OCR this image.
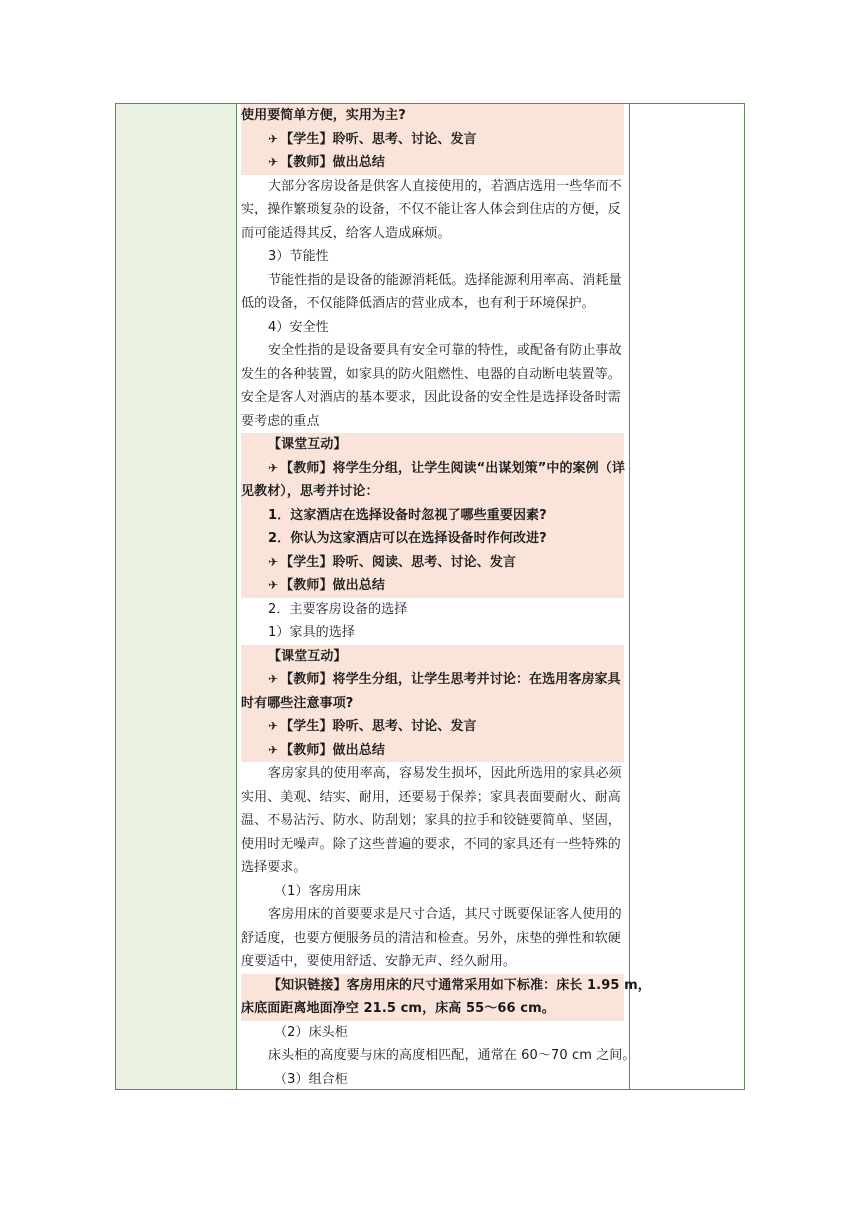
使用要简单方便，实用为主?
✈ 【学生】聆听、思考、讨论、发言
✈ 【教师】做出总结
大部分客房设备是供客人直接使用的，若酒店选用一些华而不
实，操作繁琐复杂的设备，不仅不能让客人体会到住店的方便，反
而可能适得其反，给客人造成麻烦。
3）节能性
节能性指的是设备的能源消耗低。选择能源利用率高、消耗量
低的设备，不仅能降低酒店的营业成本，也有利于环境保护。
4）安全性
安全性指的是设备要具有安全可靠的特性，或配备有防止事故
发生的各种装置，如家具的防火阻燃性、电器的自动断电装置等。
安全是客人对酒店的基本要求，因此设备的安全性是选择设备时需
要考虑的重点
【课堂互动】
✈ 【教师】将学生分组，让学生阅读“出谋划策”中的案例（详
见教材），思考并讨论：
1．这家酒店在选择设备时忽视了哪些重要因素?
2．你认为这家酒店可以在选择设备时作何改进?
✈ 【学生】聆听、阅读、思考、讨论、发言
✈ 【教师】做出总结
2．主要客房设备的选择
1）家具的选择
【课堂互动】
✈ 【教师】将学生分组，让学生思考并讨论：在选用客房家具
时有哪些注意事项?
✈ 【学生】聆听、思考、讨论、发言
✈ 【教师】做出总结
客房家具的使用率高，容易发生损坏，因此所选用的家具必须
实用、美观、结实、耐用，还要易于保养；家具表面要耐火、耐高
温、不易沾污、防水、防刮划；家具的拉手和铰链要简单、坚固，
使用时无噪声。除了这些普遍的要求，不同的家具还有一些特殊的
选择要求。
（1）客房用床
客房用床的首要要求是尺寸合适，其尺寸既要保证客人使用的
舒适度，也要方便服务员的清洁和检查。另外，床垫的弹性和软硬
度要适中，要使用舒适、安静无声、经久耐用。
【知识链接】客房用床的尺寸通常采用如下标准：床长 1.95 m，
床底面距离地面净空 21.5 cm，床高 55～66 cm。
（2）床头柜
床头柜的高度要与床的高度相匹配，通常在 60～70 cm 之间。
（3）组合柜
